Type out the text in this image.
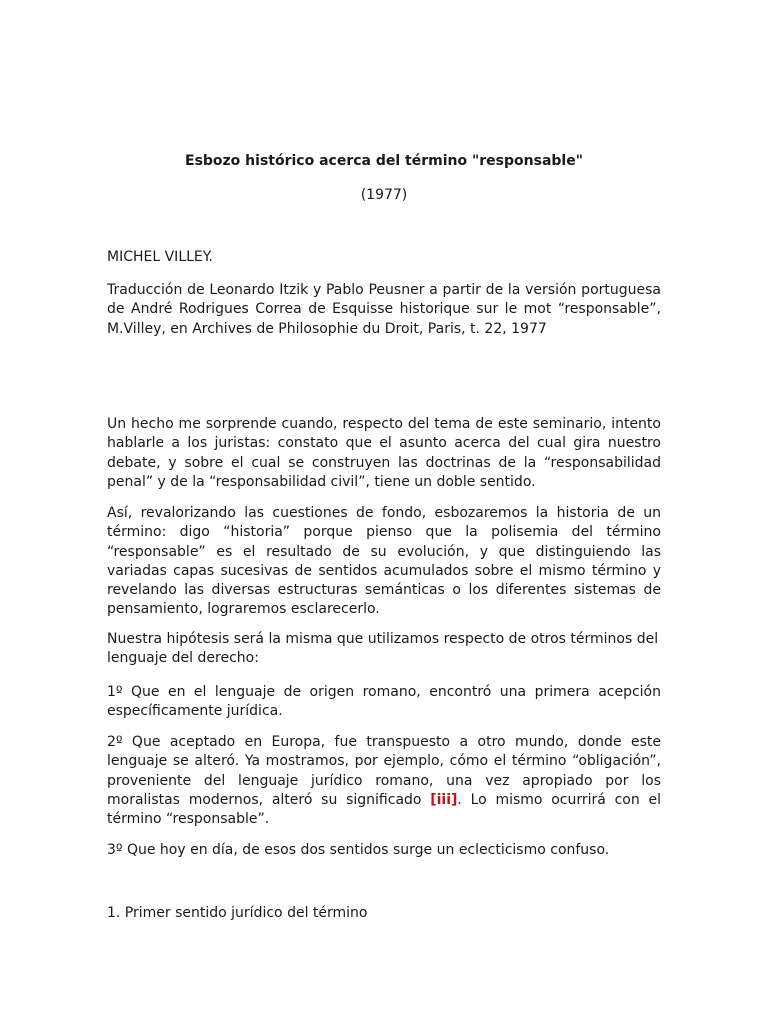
Esbozo histórico acerca del término "responsable"

(1977)

MICHEL VILLEY.

Traducción de Leonardo Itzik y Pablo Peusner a partir de la versión portuguesa de André Rodrigues Correa de Esquisse historique sur le mot “responsable”, M.Villey, en Archives de Philosophie du Droit, Paris, t. 22, 1977

Un hecho me sorprende cuando, respecto del tema de este seminario, intento hablarle a los juristas: constato que el asunto acerca del cual gira nuestro debate, y sobre el cual se construyen las doctrinas de la “responsabilidad penal” y de la “responsabilidad civil”, tiene un doble sentido.

Así, revalorizando las cuestiones de fondo, esbozaremos la historia de un término: digo “historia” porque pienso que la polisemia del término “responsable” es el resultado de su evolución, y que distinguiendo las variadas capas sucesivas de sentidos acumulados sobre el mismo término y revelando las diversas estructuras semánticas o los diferentes sistemas de pensamiento, lograremos esclarecerlo.

Nuestra hipótesis será la misma que utilizamos respecto de otros términos del lenguaje del derecho:

1º Que en el lenguaje de origen romano, encontró una primera acepción específicamente jurídica.

2º Que aceptado en Europa, fue transpuesto a otro mundo, donde este lenguaje se alteró. Ya mostramos, por ejemplo, cómo el término “obligación”, proveniente del lenguaje jurídico romano, una vez apropiado por los moralistas modernos, alteró su significado [iii]. Lo mismo ocurrirá con el término “responsable”.

3º Que hoy en día, de esos dos sentidos surge un eclecticismo confuso.

1. Primer sentido jurídico del término
